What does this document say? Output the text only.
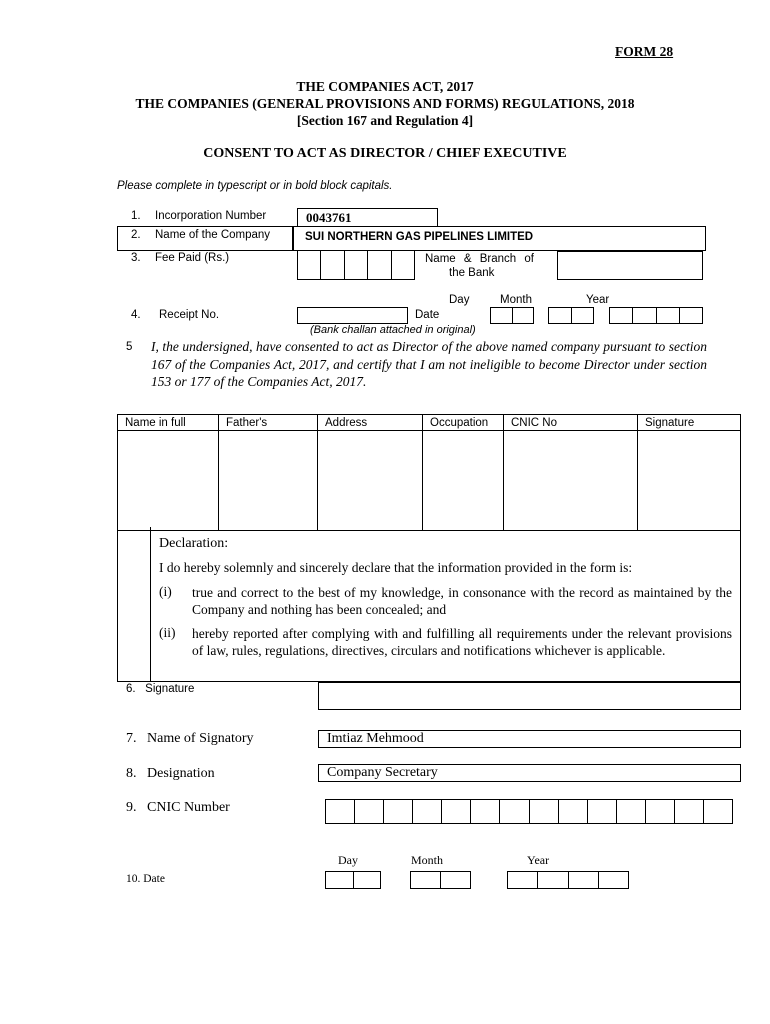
FORM 28
THE COMPANIES ACT, 2017
THE COMPANIES (GENERAL PROVISIONS AND FORMS) REGULATIONS, 2018
[Section 167 and Regulation 4]
CONSENT TO ACT AS DIRECTOR / CHIEF EXECUTIVE
Please complete in typescript or in bold block capitals.
1. Incorporation Number	0043761
2. Name of the Company	SUI NORTHERN GAS PIPELINES LIMITED
3. Fee Paid (Rs.)	Name & Branch of
the Bank
Day	Month	Year
4. Receipt No.	Date
(Bank challan attached in original)
5 I, the undersigned, have consented to act as Director of the above named company pursuant to section 167 of the Companies Act, 2017, and certify that I am not ineligible to become Director under section 153 or 177 of the Companies Act, 2017.
Name in full	Father's	Address	Occupation	CNIC No	Signature

Declaration:
I do hereby solemnly and sincerely declare that the information provided in the form is:
(i) true and correct to the best of my knowledge, in consonance with the record as maintained by the Company and nothing has been concealed; and
(ii) hereby reported after complying with and fulfilling all requirements under the relevant provisions of law, rules, regulations, directives, circulars and notifications whichever is applicable.
6.   Signature
7.   Name of Signatory	Imtiaz Mehmood
8.   Designation	Company Secretary
9.   CNIC Number
Day	Month	Year
10. Date
